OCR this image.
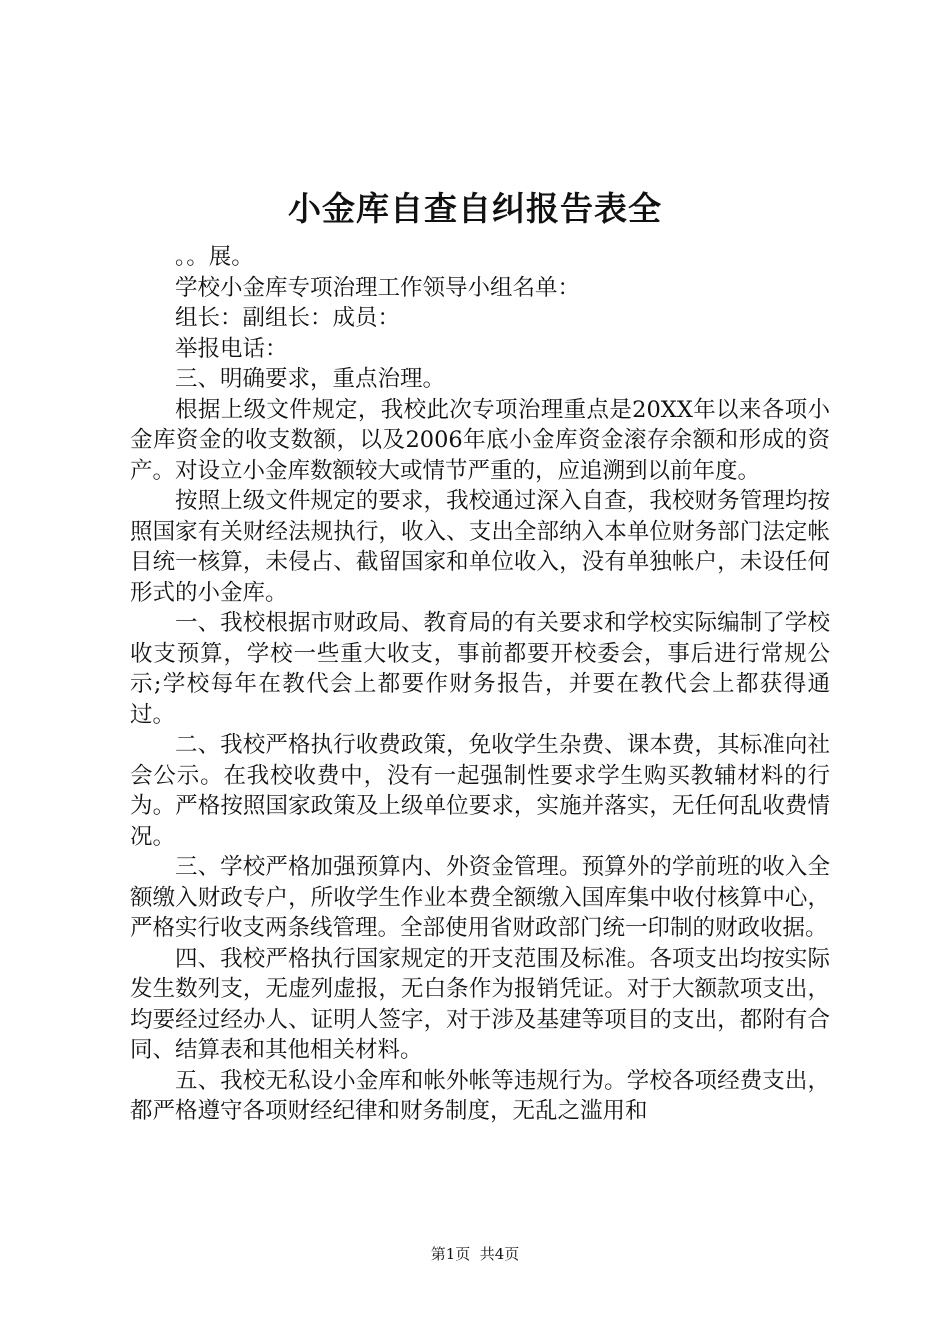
小金库自查自纠报告表全

。。展。

学校小金库专项治理工作领导小组名单：

组长：副组长：成员：

举报电话：

三、明确要求，重点治理。

根据上级文件规定，我校此次专项治理重点是20XX年以来各项小金库资金的收支数额，以及2006年底小金库资金滚存余额和形成的资产。对设立小金库数额较大或情节严重的，应追溯到以前年度。

按照上级文件规定的要求，我校通过深入自查，我校财务管理均按照国家有关财经法规执行，收入、支出全部纳入本单位财务部门法定帐目统一核算，未侵占、截留国家和单位收入，没有单独帐户，未设任何形式的小金库。

一、我校根据市财政局、教育局的有关要求和学校实际编制了学校收支预算，学校一些重大收支，事前都要开校委会，事后进行常规公示;学校每年在教代会上都要作财务报告，并要在教代会上都获得通过。

二、我校严格执行收费政策，免收学生杂费、课本费，其标准向社会公示。在我校收费中，没有一起强制性要求学生购买教辅材料的行为。严格按照国家政策及上级单位要求，实施并落实，无任何乱收费情况。

三、学校严格加强预算内、外资金管理。预算外的学前班的收入全额缴入财政专户，所收学生作业本费全额缴入国库集中收付核算中心，严格实行收支两条线管理。全部使用省财政部门统一印制的财政收据。

四、我校严格执行国家规定的开支范围及标准。各项支出均按实际发生数列支，无虚列虚报，无白条作为报销凭证。对于大额款项支出，均要经过经办人、证明人签字，对于涉及基建等项目的支出，都附有合同、结算表和其他相关材料。

五、我校无私设小金库和帐外帐等违规行为。学校各项经费支出，都严格遵守各项财经纪律和财务制度，无乱之滥用和

第1页  共4页
